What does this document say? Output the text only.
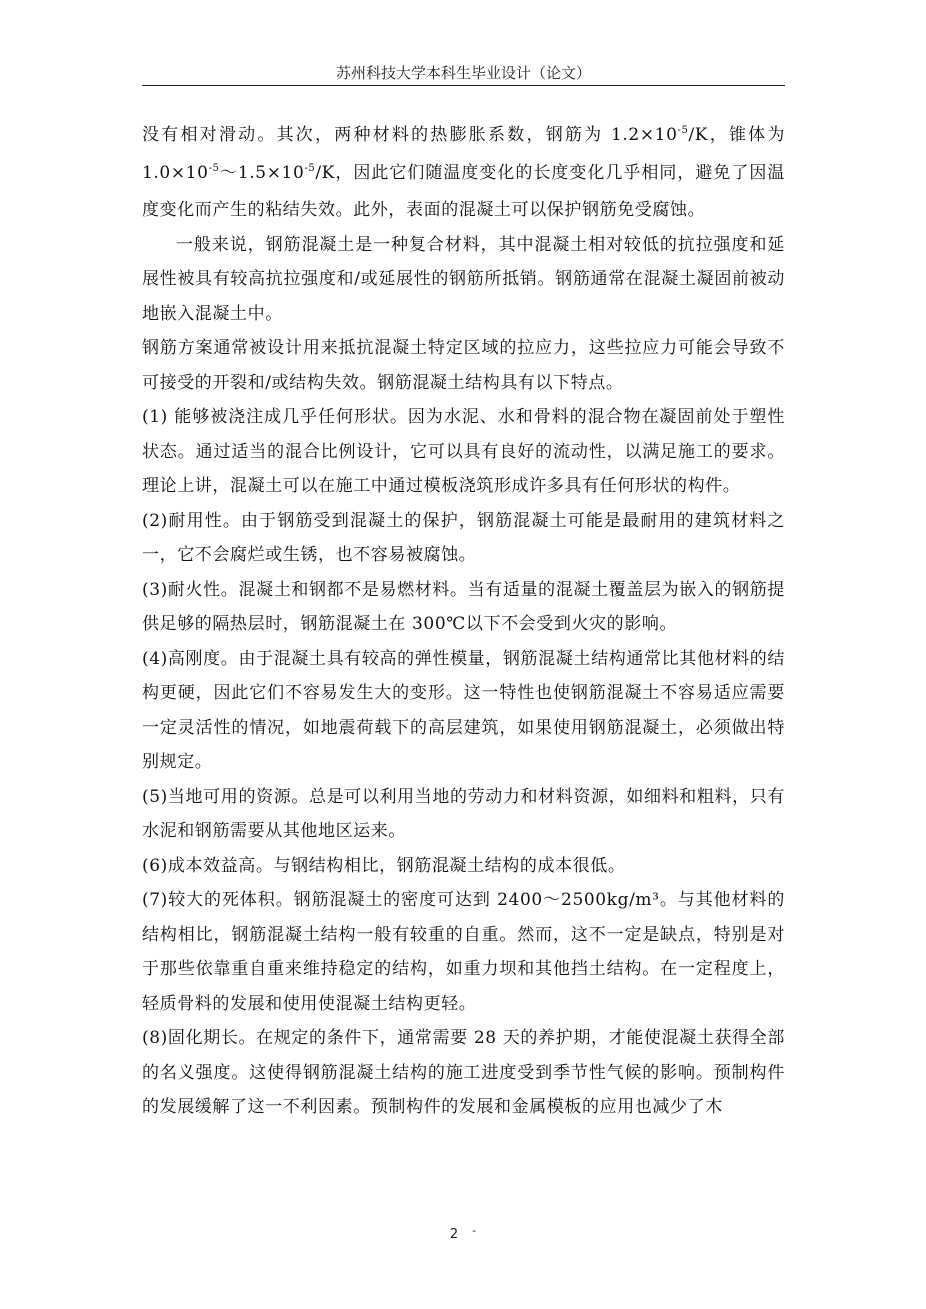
苏州科技大学本科生毕业设计（论文）

没有相对滑动。其次，两种材料的热膨胀系数，钢筋为 $1.2\times 10^{-5}/K$，锥体为 $1.0\times 10^{-5}\sim 1.5\times 10^{-5}/K$，因此它们随温度变化的长度变化几乎相同，避免了因温度变化而产生的粘结失效。此外，表面的混凝土可以保护钢筋免受腐蚀。

一般来说，钢筋混凝土是一种复合材料，其中混凝土相对较低的抗拉强度和延展性被具有较高抗拉强度和/或延展性的钢筋所抵销。钢筋通常在混凝土凝固前被动地嵌入混凝土中。

钢筋方案通常被设计用来抵抗混凝土特定区域的拉应力，这些拉应力可能会导致不可接受的开裂和/或结构失效。钢筋混凝土结构具有以下特点。

(1) 能够被浇注成几乎任何形状。因为水泥、水和骨料的混合物在凝固前处于塑性状态。通过适当的混合比例设计，它可以具有良好的流动性，以满足施工的要求。理论上讲，混凝土可以在施工中通过模板浇筑形成许多具有任何形状的构件。

(2)耐用性。由于钢筋受到混凝土的保护，钢筋混凝土可能是最耐用的建筑材料之一，它不会腐烂或生锈，也不容易被腐蚀。

(3)耐火性。混凝土和钢都不是易燃材料。当有适量的混凝土覆盖层为嵌入的钢筋提供足够的隔热层时，钢筋混凝土在 300℃以下不会受到火灾的影响。

(4)高刚度。由于混凝土具有较高的弹性模量，钢筋混凝土结构通常比其他材料的结构更硬，因此它们不容易发生大的变形。这一特性也使钢筋混凝土不容易适应需要一定灵活性的情况，如地震荷载下的高层建筑，如果使用钢筋混凝土，必须做出特别规定。

(5)当地可用的资源。总是可以利用当地的劳动力和材料资源，如细料和粗料，只有水泥和钢筋需要从其他地区运来。

(6)成本效益高。与钢结构相比，钢筋混凝土结构的成本很低。

(7)较大的死体积。钢筋混凝土的密度可达到 2400～2500kg/m³。与其他材料的结构相比，钢筋混凝土结构一般有较重的自重。然而，这不一定是缺点，特别是对于那些依靠重自重来维持稳定的结构，如重力坝和其他挡土结构。在一定程度上，轻质骨料的发展和使用使混凝土结构更轻。

(8)固化期长。在规定的条件下，通常需要 28 天的养护期，才能使混凝土获得全部的名义强度。这使得钢筋混凝土结构的施工进度受到季节性气候的影响。预制构件的发展缓解了这一不利因素。预制构件的发展和金属模板的应用也减少了木

2 -
